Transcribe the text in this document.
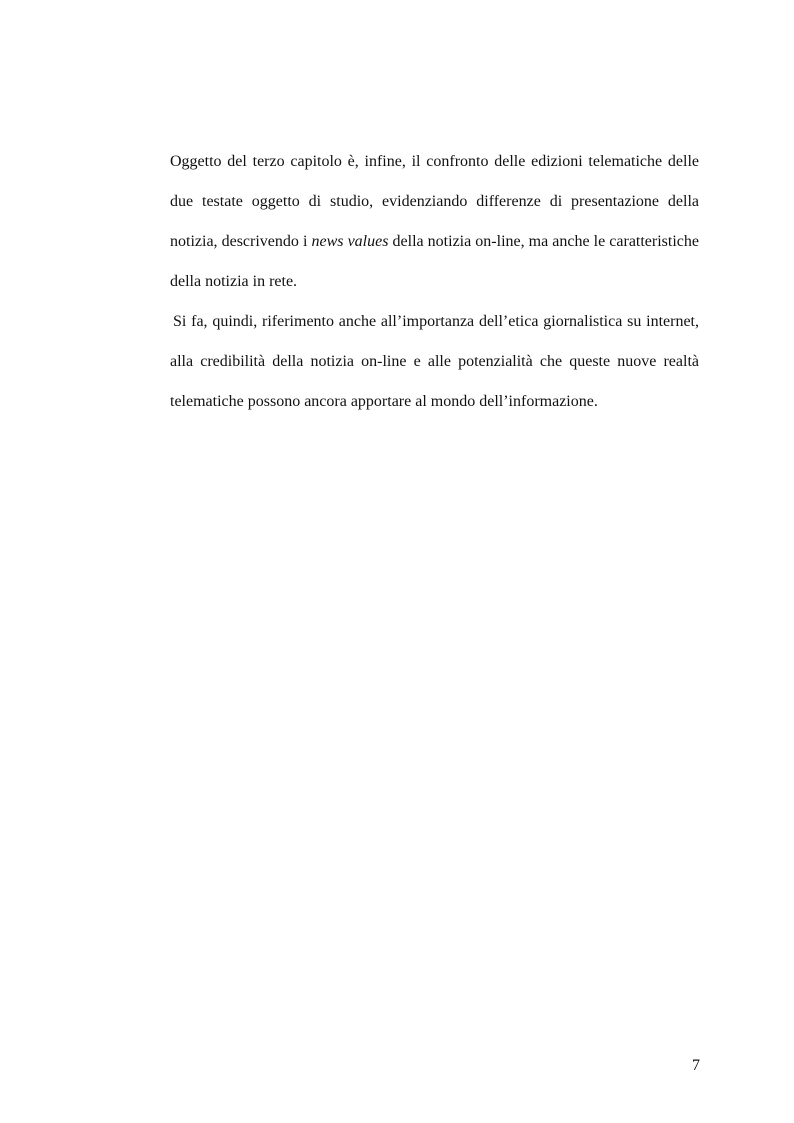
Oggetto del terzo capitolo è, infine, il confronto delle edizioni telematiche delle due testate oggetto di studio, evidenziando differenze di presentazione della notizia, descrivendo i news values della notizia on-line, ma anche le caratteristiche della notizia in rete.

Si fa, quindi, riferimento anche all’importanza dell’etica giornalistica su internet, alla credibilità della notizia on-line e alle potenzialità che queste nuove realtà telematiche possono ancora apportare al mondo dell’informazione.

7
